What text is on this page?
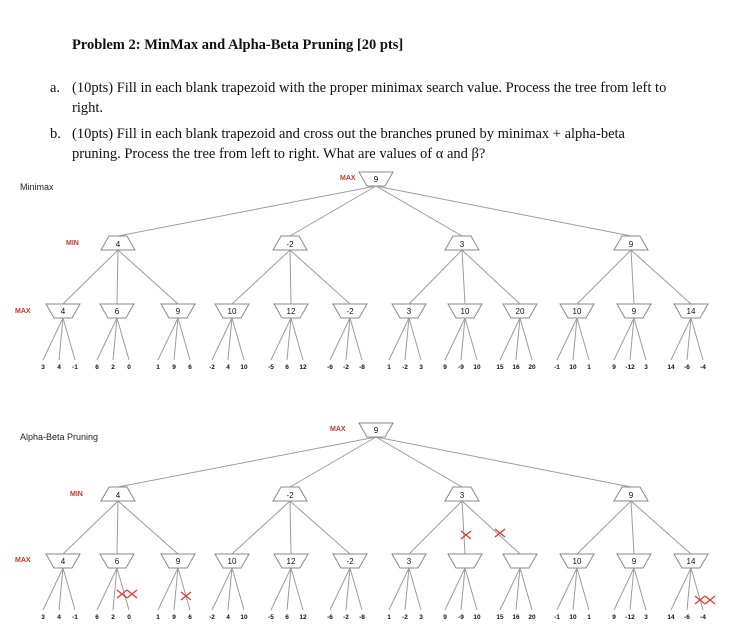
Problem 2: MinMax and Alpha-Beta Pruning [20 pts]
a. (10pts) Fill in each blank trapezoid with the proper minimax search value. Process the tree from left to right.
b. (10pts) Fill in each blank trapezoid and cross out the branches pruned by minimax + alpha-beta pruning. Process the tree from left to right. What are values of α and β?
Minimax
MAX
MIN
MAX
9
4	-2	3	9
4	6	9	10	12	-2	3	10	20	10	9	14
3 4 -1	6 2 0	1 9 6	-2 4 10	-5 6 12	-6 -2 -8	1 -2 3	9 -9 10 15 16 20	-1 10 1	9 -12 3	14 -6 -4
Alpha-Beta Pruning
MAX
MIN
MAX
9
4	-2	3	9
4	6	9	10	12	-2	3	10	9	14
3 4 -1	6 2 0	1 9 6	-2 4 10	-5 6 12	-6 -2 -8	1 -2 3	9 -9 10 15 16 20	-1 10 1	9 -12 3	14 -6 -4
